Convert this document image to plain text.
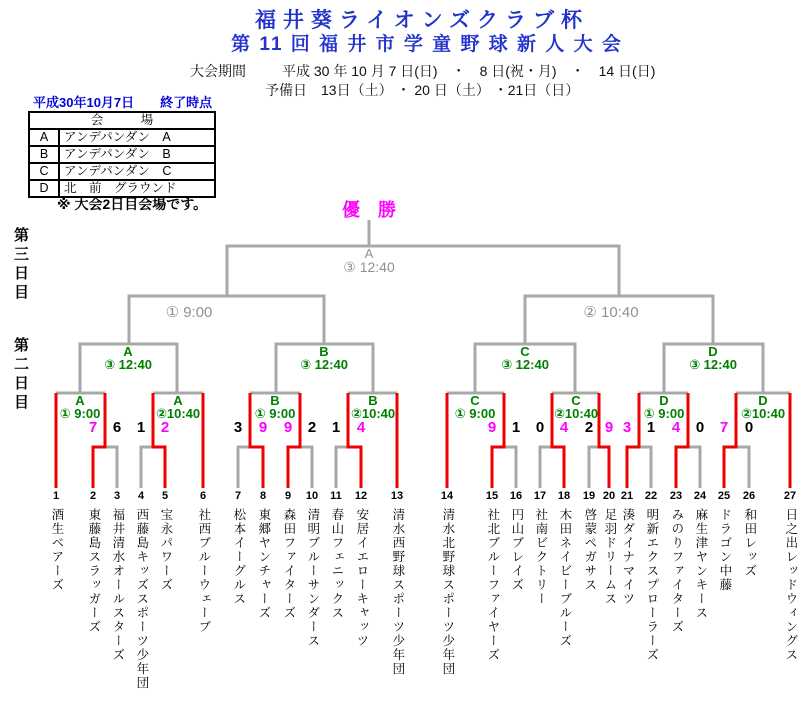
福井葵ライオンズクラブ杯
第 11 回 福 井 市 学 童 野 球 新 人 大 会
大会期間	平成 30 年 10 月 7 日(日)　・　8 日(祝・月)　・　14 日(日)
予備日　13日（土） ・ 20 日（土） ・21日（日）
平成30年10月7日　　終了時点
会　　　場	
A	アンデパンダン　A
B	アンデパンダン　B
C	アンデパンダン　C
D	北　前　グラウンド
※ 大会2日目会場です。
第三日目
第二日目
優　勝
A
③ 12:40
① 9:00	② 10:40
A
③ 12:40
B
③ 12:40
C
③ 12:40
D
③ 12:40
A
① 9:00
A
②10:40
B
① 9:00
B
②10:40
C
① 9:00
C
②10:40
D
① 9:00
D
②10:40
7	6	1	2	3	9	9	2	1	4	9	1	0	4	2 9 3	1	4	0	7	0
1
酒生ベアーズ
2
東藤島スラッガーズ
3
福井清水オールスターズ
4
西藤島キッズスポーツ少年団
5
宝永パワーズ
6
社西ブルーウェーブ
7
松本イーグルス
8
東郷ヤンチャーズ
9
森田ファイターズ
10
清明ブルーサンダース
11
春山フェニックス
12
安居イエローキャッツ
13
清水西野球スポーツ少年団
14
清水北野球スポーツ少年団
15
社北ブルーファイヤーズ
16
円山ブレイズ
17
社南ビクトリー
18
木田ネイビーブルーズ
19
啓蒙ペガサス
20
足羽ドリームス
21
湊ダイナマイツ
22
明新エクスプローラーズ
23
みのりファイターズ
24
麻生津ヤンキース
25
ドラゴン中藤
26
和田レッズ
27
日之出レッドウィングス
